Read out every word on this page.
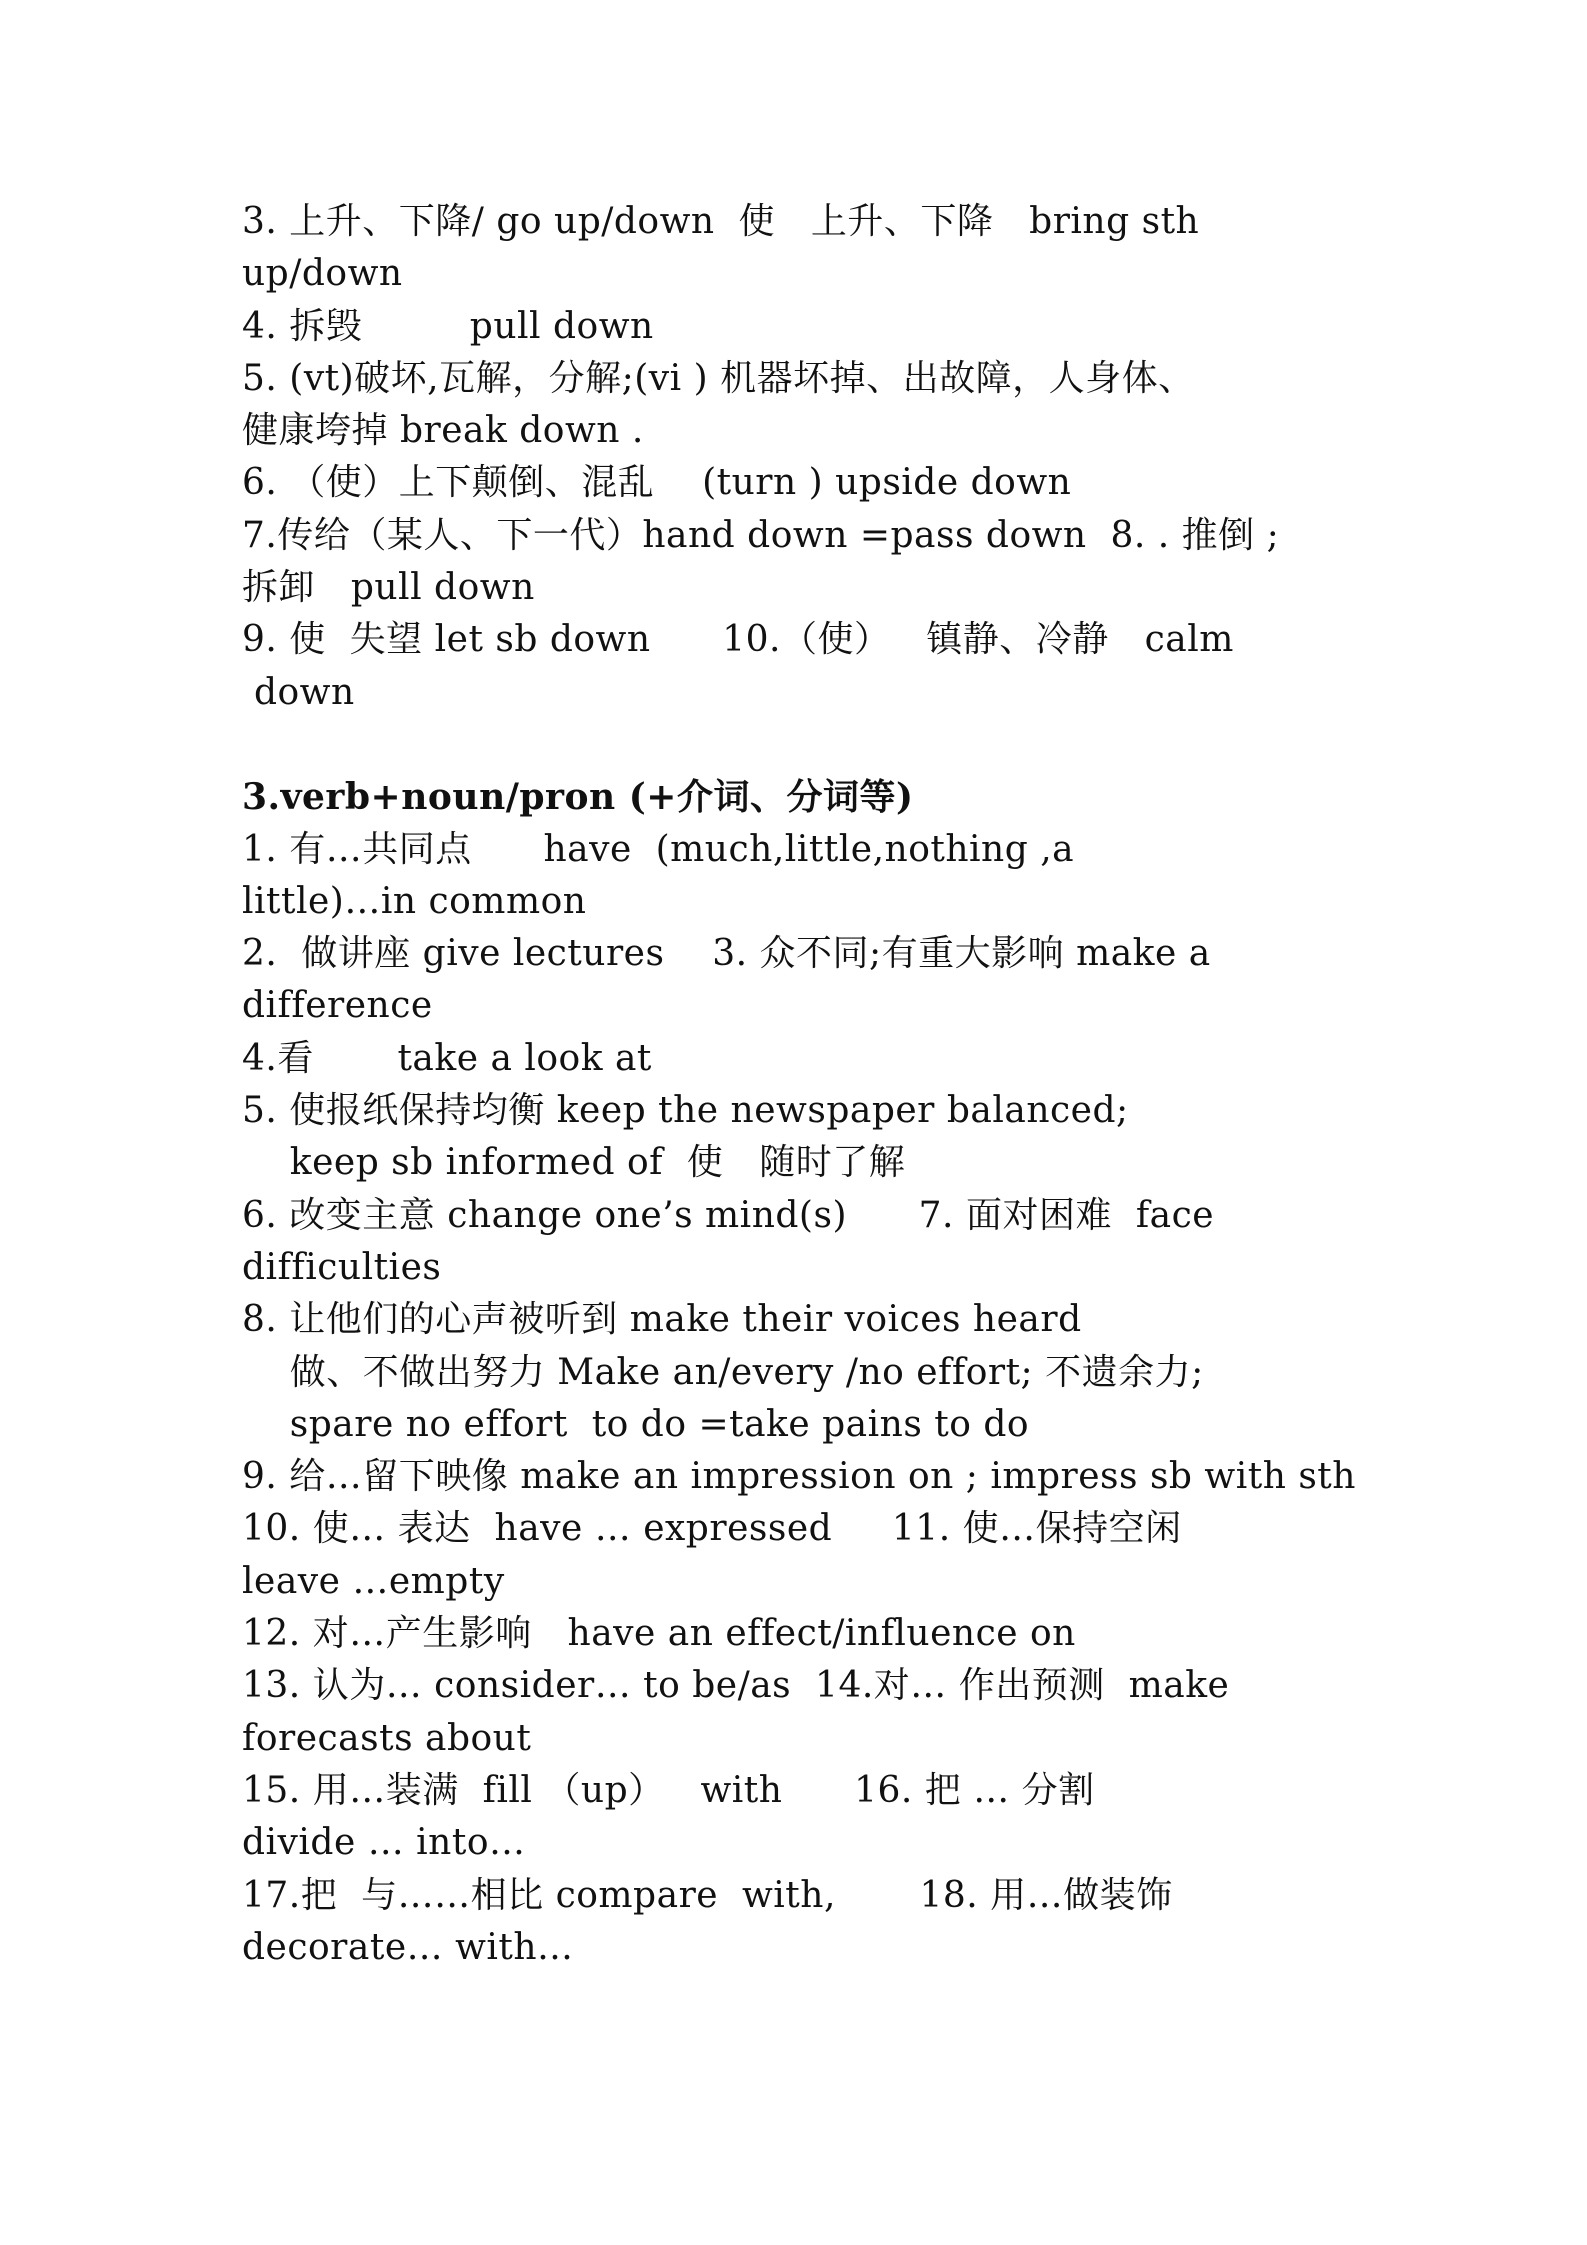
3. 上升、下降/ go up/down  使   上升、下降   bring sth
up/down
4. 拆毁         pull down
5. (vt)破坏,瓦解，分解;(vi ) 机器坏掉、出故障，人身体、
健康垮掉 break down .
6. （使）上下颠倒、混乱    (turn ) upside down
7.传给（某人、下一代）hand down =pass down  8. . 推倒 ;
拆卸   pull down
9. 使  失望 let sb down      10.（使）   镇静、冷静   calm
down
3.verb+noun/pron (+介词、分词等)
1. 有…共同点      have  (much,little,nothing ,a
little)…in common
2.  做讲座 give lectures    3. 众不同;有重大影响 make a
difference
4.看       take a look at
5. 使报纸保持均衡 keep the newspaper balanced;
keep sb informed of  使   随时了解
6. 改变主意 change one’s mind(s)      7. 面对困难  face
difficulties
8. 让他们的心声被听到 make their voices heard
做、不做出努力 Make an/every /no effort; 不遗余力;
spare no effort  to do =take pains to do
9. 给…留下映像 make an impression on ; impress sb with sth
10. 使… 表达  have … expressed     11. 使…保持空闲
leave …empty
12. 对…产生影响   have an effect/influence on
13. 认为… consider… to be/as  14.对… 作出预测  make
forecasts about
15. 用…装满  fill （up）   with      16. 把 … 分割
divide … into…
17.把  与……相比 compare  with,       18. 用…做装饰
decorate… with…
